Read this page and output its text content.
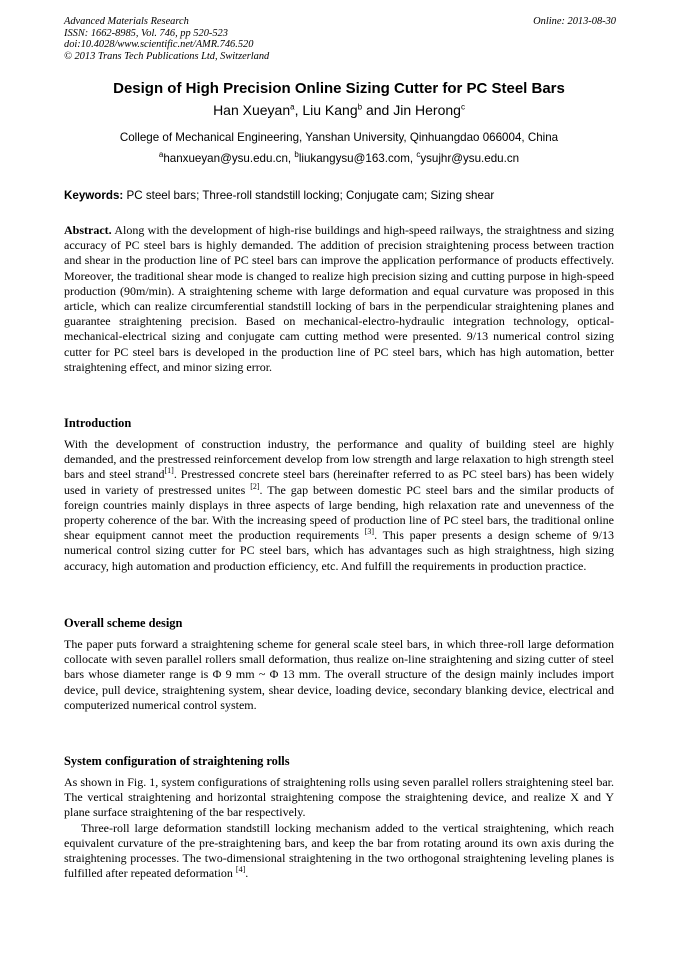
Advanced Materials Research
ISSN: 1662-8985, Vol. 746, pp 520-523
doi:10.4028/www.scientific.net/AMR.746.520
© 2013 Trans Tech Publications Ltd, Switzerland
Online: 2013-08-30
Design of High Precision Online Sizing Cutter for PC Steel Bars
Han Xueyan$^a$, Liu Kang$^b$ and Jin Herong$^c$
College of Mechanical Engineering, Yanshan University, Qinhuangdao 066004, China
$^a$hanxueyan@ysu.edu.cn, $^b$liukangysu@163.com, $^c$ysujhr@ysu.edu.cn
Keywords: PC steel bars; Three-roll standstill locking; Conjugate cam; Sizing shear

Abstract. Along with the development of high-rise buildings and high-speed railways, the straightness and sizing accuracy of PC steel bars is highly demanded. The addition of precision straightening process between traction and shear in the production line of PC steel bars can improve the application performance of products effectively. Moreover, the traditional shear mode is changed to realize high precision sizing and cutting purpose in high-speed production (90m/min). A straightening scheme with large deformation and equal curvature was proposed in this article, which can realize circumferential standstill locking of bars in the perpendicular straightening planes and guarantee straightening precision. Based on mechanical-electro-hydraulic integration technology, optical-mechanical-electrical sizing and conjugate cam cutting method were presented. 9/13 numerical control sizing cutter for PC steel bars is developed in the production line of PC steel bars, which has high automation, better straightening effect, and minor sizing error.

Introduction

With the development of construction industry, the performance and quality of building steel are highly demanded, and the prestressed reinforcement develop from low strength and large relaxation to high strength steel bars and steel strand[1]. Prestressed concrete steel bars (hereinafter referred to as PC steel bars) has been widely used in variety of prestressed unites [2]. The gap between domestic PC steel bars and the similar products of foreign countries mainly displays in three aspects of large bending, high relaxation rate and unevenness of the property coherence of the bar. With the increasing speed of production line of PC steel bars, the traditional online shear equipment cannot meet the production requirements [3]. This paper presents a design scheme of 9/13 numerical control sizing cutter for PC steel bars, which has advantages such as high straightness, high sizing accuracy, high automation and production efficiency, etc. And fulfill the requirements in production practice.

Overall scheme design

The paper puts forward a straightening scheme for general scale steel bars, in which three-roll large deformation collocate with seven parallel rollers small deformation, thus realize on-line straightening and sizing cutter of steel bars whose diameter range is Φ 9 mm ~ Φ 13 mm. The overall structure of the design mainly includes import device, pull device, straightening system, shear device, loading device, secondary blanking device, electrical and computerized numerical control system.

System configuration of straightening rolls

As shown in Fig. 1, system configurations of straightening rolls using seven parallel rollers straightening steel bar. The vertical straightening and horizontal straightening compose the straightening device, and realize X and Y plane surface straightening of the bar respectively.

Three-roll large deformation standstill locking mechanism added to the vertical straightening, which reach equivalent curvature of the pre-straightening bars, and keep the bar from rotating around its own axis during the straightening processes. The two-dimensional straightening in the two orthogonal straightening leveling planes is fulfilled after repeated deformation [4].
